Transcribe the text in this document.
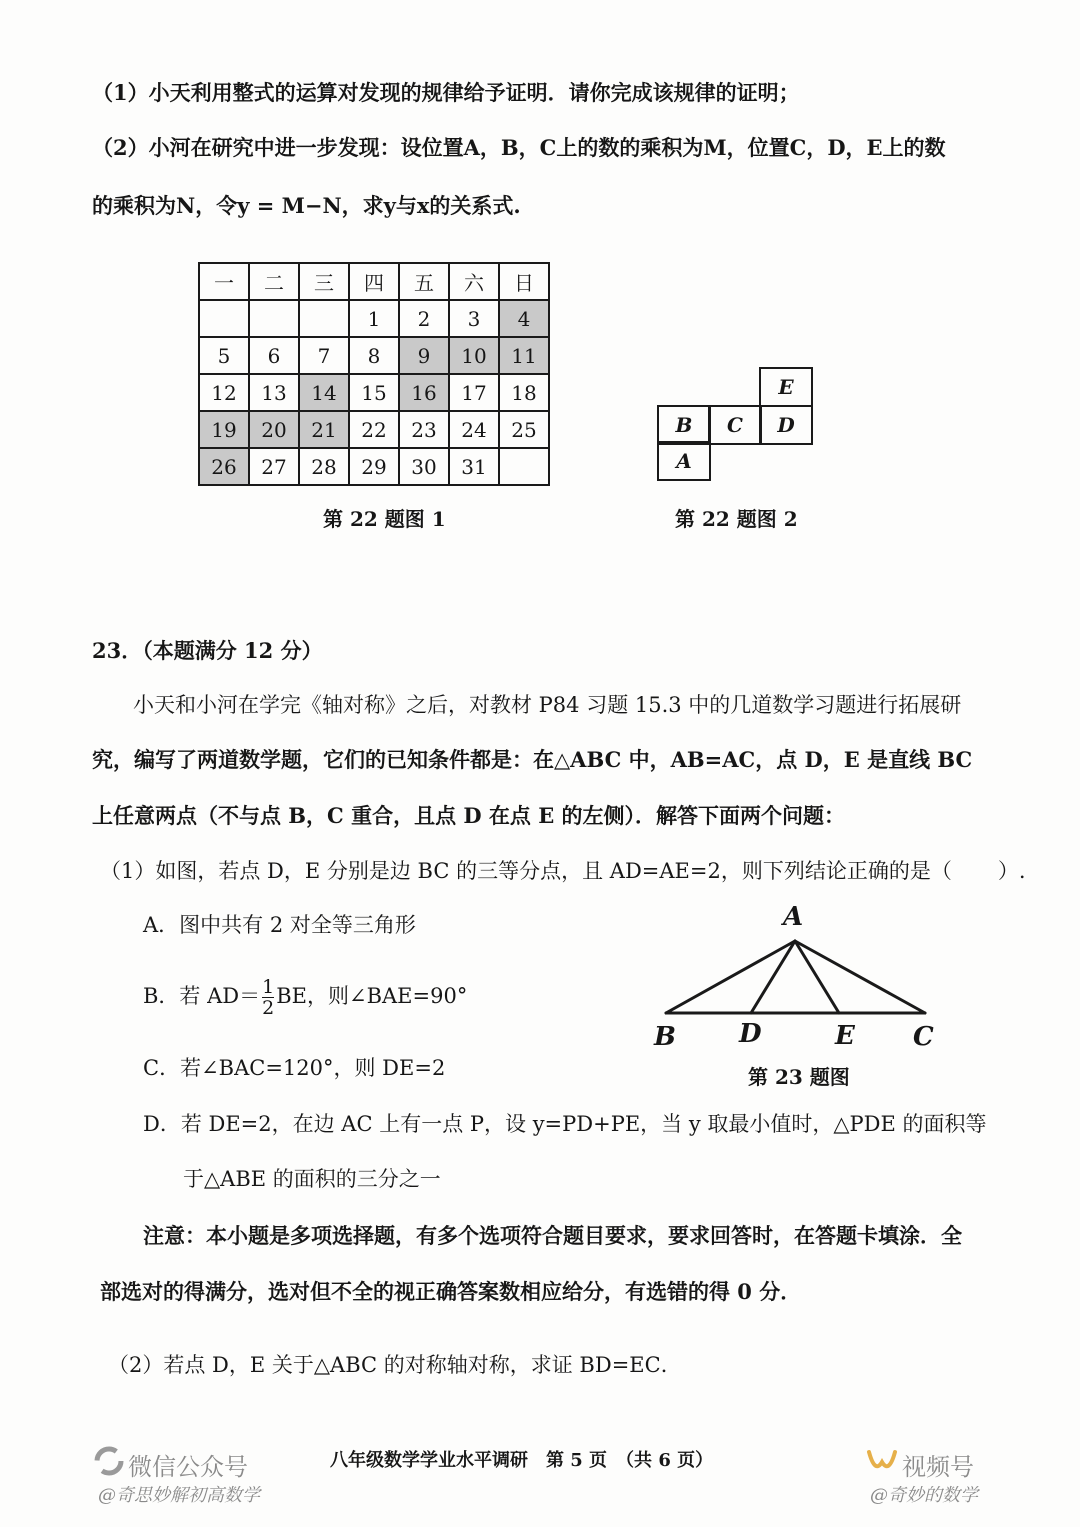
（1）小天利用整式的运算对发现的规律给予证明．请你完成该规律的证明；
（2）小河在研究中进一步发现：设位置A，B，C上的数的乘积为M，位置C，D，E上的数
的乘积为N，令y = M−N，求y与x的关系式.
一	二	三	四	五	六	日
			1	2	3	4
5	6	7	8	9	10	11
12	13	14	15	16	17	18
19	20	21	22	23	24	25
26	27	28	29	30	31	
第 22 题图 1
E
B	C	D
A
第 22 题图 2
23．（本题满分 12 分）
小天和小河在学完《轴对称》之后，对教材 P84 习题 15.3 中的几道数学习题进行拓展研
究，编写了两道数学题，它们的已知条件都是：在△ABC 中，AB=AC，点 D，E 是直线 BC
上任意两点（不与点 B，C 重合，且点 D 在点 E 的左侧）．解答下面两个问题：
（1）如图，若点 D，E 分别是边 BC 的三等分点，且 AD=AE=2，则下列结论正确的是（ ）.
A．图中共有 2 对全等三角形
B．若 $AD= \frac{1}{2}$ BE，则∠BAE=90°
C．若∠BAC=120°，则 DE=2
D．若 DE=2，在边 AC 上有一点 P，设 y=PD+PE，当 y 取最小值时，△PDE 的面积等
于△ABE 的面积的三分之一
注意：本小题是多项选择题，有多个选项符合题目要求，要求回答时，在答题卡填涂．全
部选对的得满分，选对但不全的视正确答案数相应给分，有选错的得 0 分．
（2）若点 D，E 关于△ABC 的对称轴对称，求证 BD=EC．
A
B D	E C
第 23 题图
八年级数学学业水平调研　第 5 页　（共 6 页）
微信公众号
@奇思妙解初高数学
视频号
@奇妙的数学
